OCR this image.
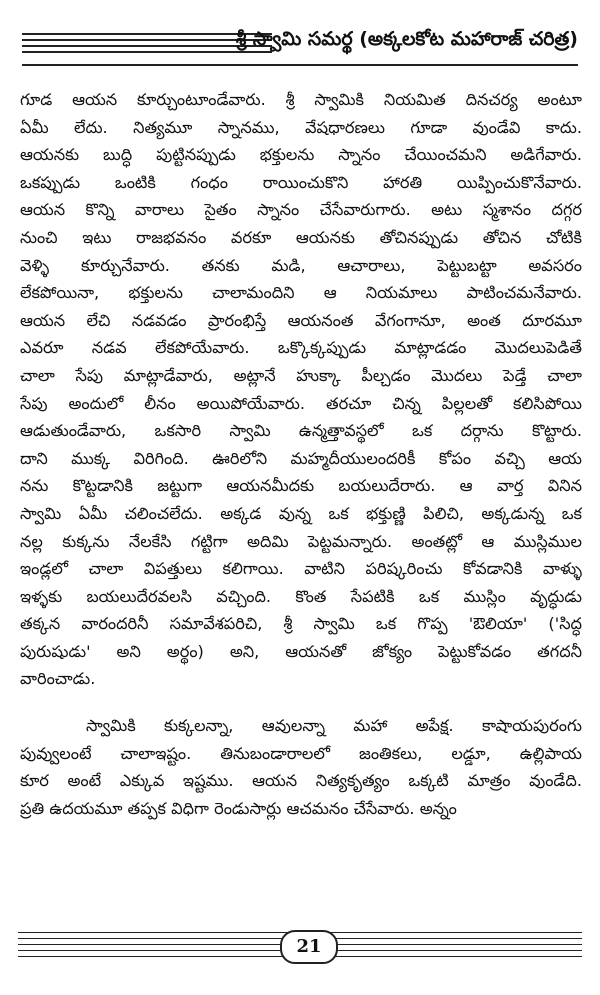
శ్రీ స్వామి సమర్థ (అక్కలకోట మహారాజ్ చరిత్ర)
గూడ ఆయన కూర్చుంటూండేవారు. శ్రీ స్వామికి నియమిత దినచర్య అంటూ
ఏమీ లేదు. నిత్యమూ స్నానము, వేషధారణలు గూడా వుండేవి కాదు.
ఆయనకు బుద్ధి పుట్టినప్పుడు భక్తులను స్నానం చేయించమని అడిగేవారు.
ఒకప్పుడు ఒంటికి గంధం రాయించుకొని హారతి యిప్పించుకొనేవారు.
ఆయన కొన్ని వారాలు సైతం స్నానం చేసేవారుగారు. అటు స్మశానం దగ్గర
నుంచి ఇటు రాజభవనం వరకూ ఆయనకు తోచినప్పుడు తోచిన చోటికి
వెళ్ళి కూర్చునేవారు. తనకు మడి, ఆచారాలు, పెట్టుబట్టా అవసరం
లేకపోయినా, భక్తులను చాలామందిని ఆ నియమాలు పాటించమనేవారు.
ఆయన లేచి నడవడం ప్రారంభిస్తే ఆయనంత వేగంగానూ, అంత దూరమూ
ఎవరూ నడవ లేకపోయేవారు. ఒక్కొక్కప్పుడు మాట్లాడడం మొదలుపెడితే
చాలా సేపు మాట్లాడేవారు, అట్లానే హుక్కా పీల్చడం మొదలు పెడ్తే చాలా
సేపు అందులో లీనం అయిపోయేవారు. తరచూ చిన్న పిల్లలతో కలిసిపోయి
ఆడుతుండేవారు, ఒకసారి స్వామి ఉన్మత్తావస్థలో ఒక దర్గాను కొట్టారు.
దాని ముక్క విరిగింది. ఊరిలోని మహ్మదీయులందరికీ కోపం వచ్చి ఆయ
నను కొట్టడానికి జట్టుగా ఆయనమీదకు బయలుదేరారు. ఆ వార్త వినిన
స్వామి ఏమీ చలించలేదు. అక్కడ వున్న ఒక భక్తుణ్ణి పిలిచి, అక్కడున్న ఒక
నల్ల కుక్కను నేలకేసి గట్టిగా అదిమి పెట్టమన్నారు. అంతట్లో ఆ ముస్లిముల
ఇండ్లలో చాలా విపత్తులు కలిగాయి. వాటిని పరిష్కరించు కోవడానికి వాళ్ళు
ఇళ్ళకు బయలుదేరవలసి వచ్చింది. కొంత సేపటికి ఒక ముస్లిం వృద్ధుడు
తక్కన వారందరినీ సమావేశపరిచి, శ్రీ స్వామి ఒక గొప్ప 'ఔలియా' ('సిద్ధ
పురుషుడు' అని అర్థం) అని, ఆయనతో జోక్యం పెట్టుకోవడం తగదనీ
వారించాడు.
స్వామికి కుక్కలన్నా, ఆవులన్నా మహా అపేక్ష. కాషాయపురంగు
పువ్వులంటే చాలాఇష్టం. తినుబండారాలలో జంతికలు, లడ్డూ, ఉల్లిపాయ
కూర అంటే ఎక్కువ ఇష్టము. ఆయన నిత్యకృత్యం ఒక్కటి మాత్రం వుండేది.
ప్రతి ఉదయమూ తప్పక విధిగా రెండుసార్లు ఆచమనం చేసేవారు. అన్నం
21
